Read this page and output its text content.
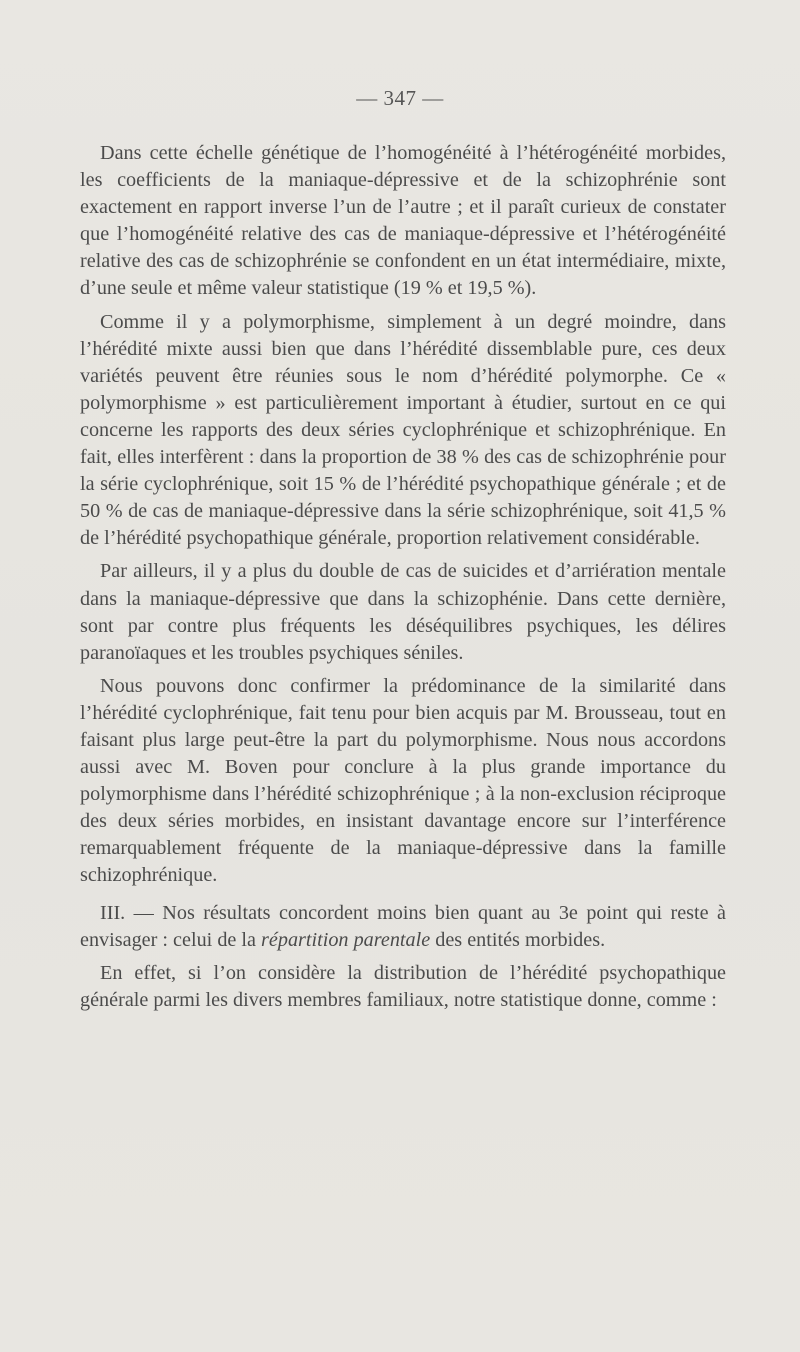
— 347 —

Dans cette échelle génétique de l’homogénéité à l’hétérogénéité morbides, les coefficients de la maniaque-dépressive et de la schizophrénie sont exactement en rapport inverse l’un de l’autre ; et il paraît curieux de constater que l’homogénéité relative des cas de maniaque-dépressive et l’hétérogénéité relative des cas de schizophrénie se confondent en un état intermédiaire, mixte, d’une seule et même valeur statistique (19 % et 19,5 %).

Comme il y a polymorphisme, simplement à un degré moindre, dans l’hérédité mixte aussi bien que dans l’hérédité dissemblable pure, ces deux variétés peuvent être réunies sous le nom d’hérédité polymorphe. Ce « polymorphisme » est particulièrement important à étudier, surtout en ce qui concerne les rapports des deux séries cyclophrénique et schizophrénique. En fait, elles interfèrent : dans la proportion de 38 % des cas de schizophrénie pour la série cyclophrénique, soit 15 % de l’hérédité psychopathique générale ; et de 50 % de cas de maniaque-dépressive dans la série schizophrénique, soit 41,5 % de l’hérédité psychopathique générale, proportion relativement considérable.

Par ailleurs, il y a plus du double de cas de suicides et d’arriération mentale dans la maniaque-dépressive que dans la schizophénie. Dans cette dernière, sont par contre plus fréquents les déséquilibres psychiques, les délires paranoïaques et les troubles psychiques séniles.

Nous pouvons donc confirmer la prédominance de la similarité dans l’hérédité cyclophrénique, fait tenu pour bien acquis par M. Brousseau, tout en faisant plus large peut-être la part du polymorphisme. Nous nous accordons aussi avec M. Boven pour conclure à la plus grande importance du polymorphisme dans l’hérédité schizophrénique ; à la non-exclusion réciproque des deux séries morbides, en insistant davantage encore sur l’interférence remarquablement fréquente de la maniaque-dépressive dans la famille schizophrénique.

III. — Nos résultats concordent moins bien quant au 3e point qui reste à envisager : celui de la répartition parentale des entités morbides.

En effet, si l’on considère la distribution de l’hérédité psychopathique générale parmi les divers membres familiaux, notre statistique donne, comme :
